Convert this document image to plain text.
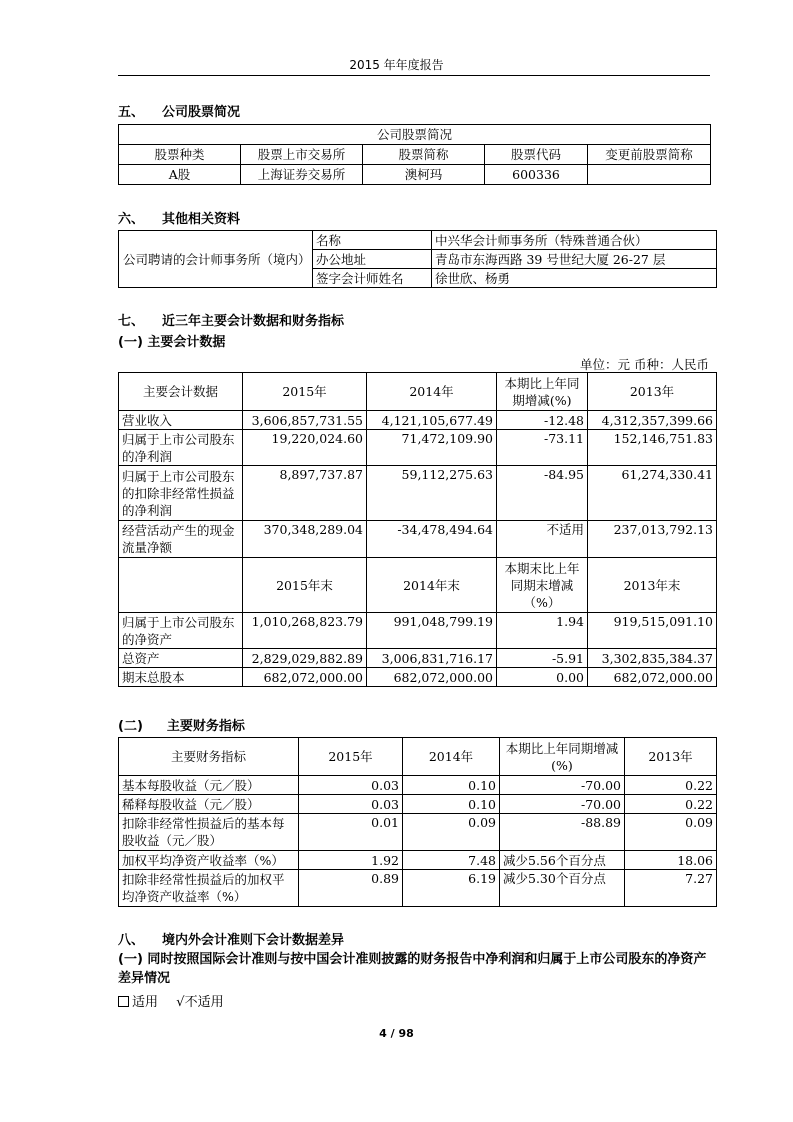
2015 年年度报告
五、 公司股票简况
公司股票简况				
股票种类	股票上市交易所	股票简称	股票代码	变更前股票简称
A股	上海证券交易所	澳柯玛	600336	
六、 其他相关资料
公司聘请的会计师事务所（境内）	名称	中兴华会计师事务所（特殊普通合伙）
	办公地址	青岛市东海西路 39 号世纪大厦 26-27 层
	签字会计师姓名	徐世欣、杨勇
七、 近三年主要会计数据和财务指标
(一) 主要会计数据
单位：元 币种：人民币
主要会计数据	2015年	2014年	本期比上年同期增减(%)	2013年
营业收入	3,606,857,731.55	4,121,105,677.49	-12.48	4,312,357,399.66
归属于上市公司股东的净利润	19,220,024.60	71,472,109.90	-73.11	152,146,751.83
归属于上市公司股东的扣除非经常性损益的净利润	8,897,737.87	59,112,275.63	-84.95	61,274,330.41
经营活动产生的现金流量净额	370,348,289.04	-34,478,494.64	不适用	237,013,792.13
	2015年末	2014年末	本期末比上年同期末增减（%）	2013年末
归属于上市公司股东的净资产	1,010,268,823.79	991,048,799.19	1.94	919,515,091.10
总资产	2,829,029,882.89	3,006,831,716.17	-5.91	3,302,835,384.37
期末总股本	682,072,000.00	682,072,000.00	0.00	682,072,000.00
(二) 主要财务指标
主要财务指标	2015年	2014年	本期比上年同期增减(%)	2013年
基本每股收益（元／股）	0.03	0.10	-70.00	0.22
稀释每股收益（元／股）	0.03	0.10	-70.00	0.22
扣除非经常性损益后的基本每股收益（元／股）	0.01	0.09	-88.89	0.09
加权平均净资产收益率（%）	1.92	7.48	减少5.56个百分点	18.06
扣除非经常性损益后的加权平均净资产收益率（%）	0.89	6.19	减少5.30个百分点	7.27
八、 境内外会计准则下会计数据差异
(一) 同时按照国际会计准则与按中国会计准则披露的财务报告中净利润和归属于上市公司股东的净资产差异情况
适用 √不适用
4 / 98
